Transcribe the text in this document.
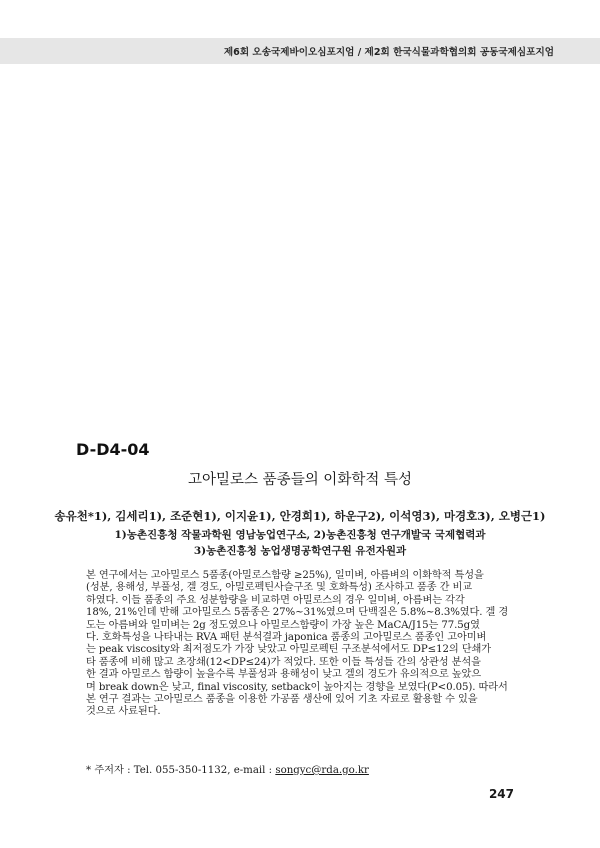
제6회 오송국제바이오심포지엄 / 제2회 한국식물과학협의회 공동국제심포지엄
D-D4-04
고아밀로스 품종들의 이화학적 특성
송유천*1), 김세리1), 조준현1), 이지윤1), 안경희1), 하운구2), 이석영3), 마경호3), 오병근1)
1)농촌진흥청 작물과학원 영남농업연구소, 2)농촌진흥청 연구개발국 국제협력과
3)농촌진흥청 농업생명공학연구원 유전자원과
본 연구에서는 고아밀로스 5품종(아밀로스함량 ≥25%), 일미벼, 아름벼의 이화학적 특성을
(성분, 용해성, 부풀성, 겔 경도, 아밀로펙틴사슬구조 및 호화특성) 조사하고 품종 간 비교
하였다. 이들 품종의 주요 성분함량을 비교하면 아밀로스의 경우 일미벼, 아름벼는 각각
18%, 21%인데 반해 고아밀로스 5품종은 27%~31%였으며 단백질은 5.8%~8.3%였다. 겔 경
도는 아름벼와 일미벼는 2g 정도였으나 아밀로스함량이 가장 높은 MaCA/J15는 77.5g였
다. 호화특성을 나타내는 RVA 패턴 분석결과 japonica 품종의 고아밀로스 품종인 고아미벼
는 peak viscosity와 최저점도가 가장 낮았고 아밀로펙틴 구조분석에서도 DP≤12의 단쇄가
타 품종에 비해 많고 초장쇄(12<DP≤24)가 적었다. 또한 이들 특성들 간의 상관성 분석을
한 결과 아밀로스 함량이 높을수록 부풀성과 용해성이 낮고 겔의 경도가 유의적으로 높았으
며 break down은 낮고, final viscosity, setback이 높아지는 경향을 보였다(P<0.05). 따라서
본 연구 결과는 고아밀로스 품종을 이용한 가공품 생산에 있어 기초 자료로 활용할 수 있을
것으로 사료된다.
* 주저자 : Tel. 055-350-1132, e-mail : songyc@rda.go.kr
247
